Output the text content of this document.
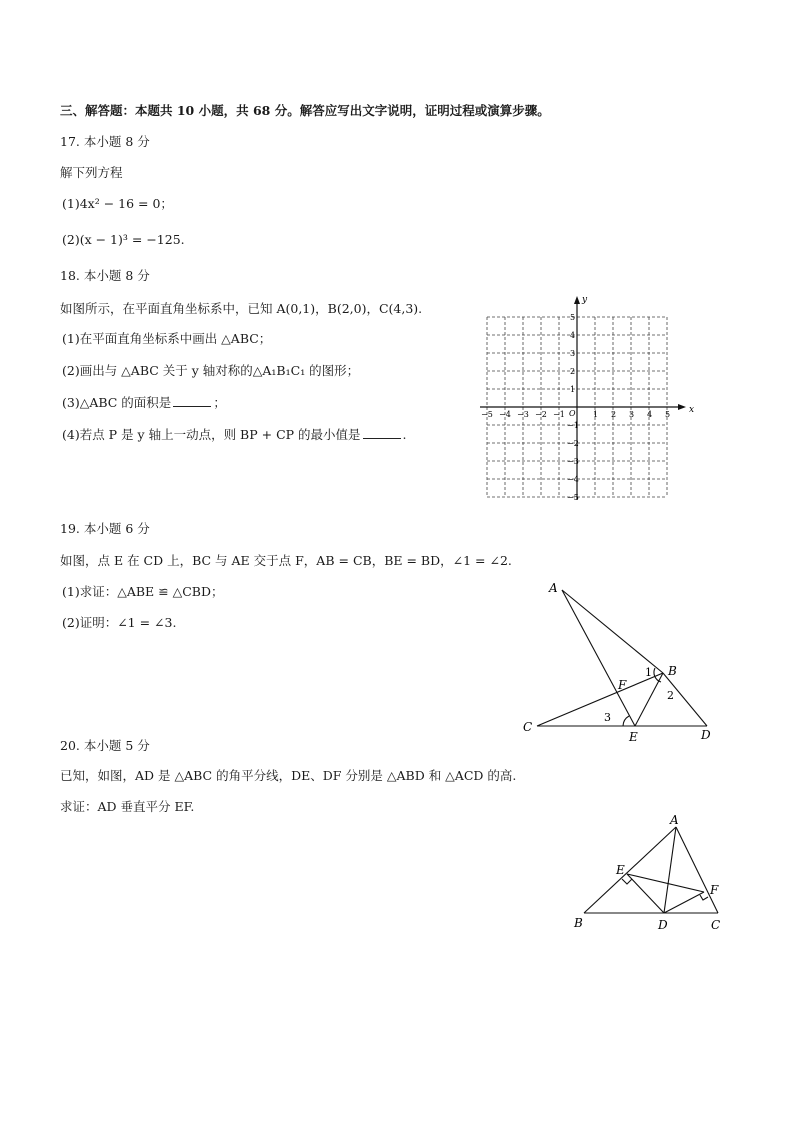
三、解答题：本题共 10 小题，共 68 分。解答应写出文字说明，证明过程或演算步骤。
17. 本小题 8 分
解下列方程
(1)4x² − 16 = 0；
(2)(x − 1)³ = −125.
18. 本小题 8 分
如图所示，在平面直角坐标系中，已知 A(0,1)，B(2,0)，C(4,3).
(1)在平面直角坐标系中画出 △ABC；
(2)画出与 △ABC 关于 y 轴对称的△A₁B₁C₁ 的图形；
(3)△ABC 的面积是	；
(4)若点 P 是 y 轴上一动点，则 BP + CP 的最小值是	.
x
y
O
−5 −4 −3 −2 −1	1 2 3 4 5
5
4
3
2
1
−1
−2
−3
−4
−5
19. 本小题 6 分
如图，点 E 在 CD 上，BC 与 AE 交于点 F，AB = CB，BE = BD，∠1 = ∠2.
(1)求证：△ABE ≌ △CBD；
(2)证明：∠1 = ∠3.
A
B
C
D
E
F
1
2
3
20. 本小题 5 分
已知，如图，AD 是 △ABC 的角平分线，DE、DF 分别是 △ABD 和 △ACD 的高.
求证：AD 垂直平分 EF.
A
B	C
D
E
F
